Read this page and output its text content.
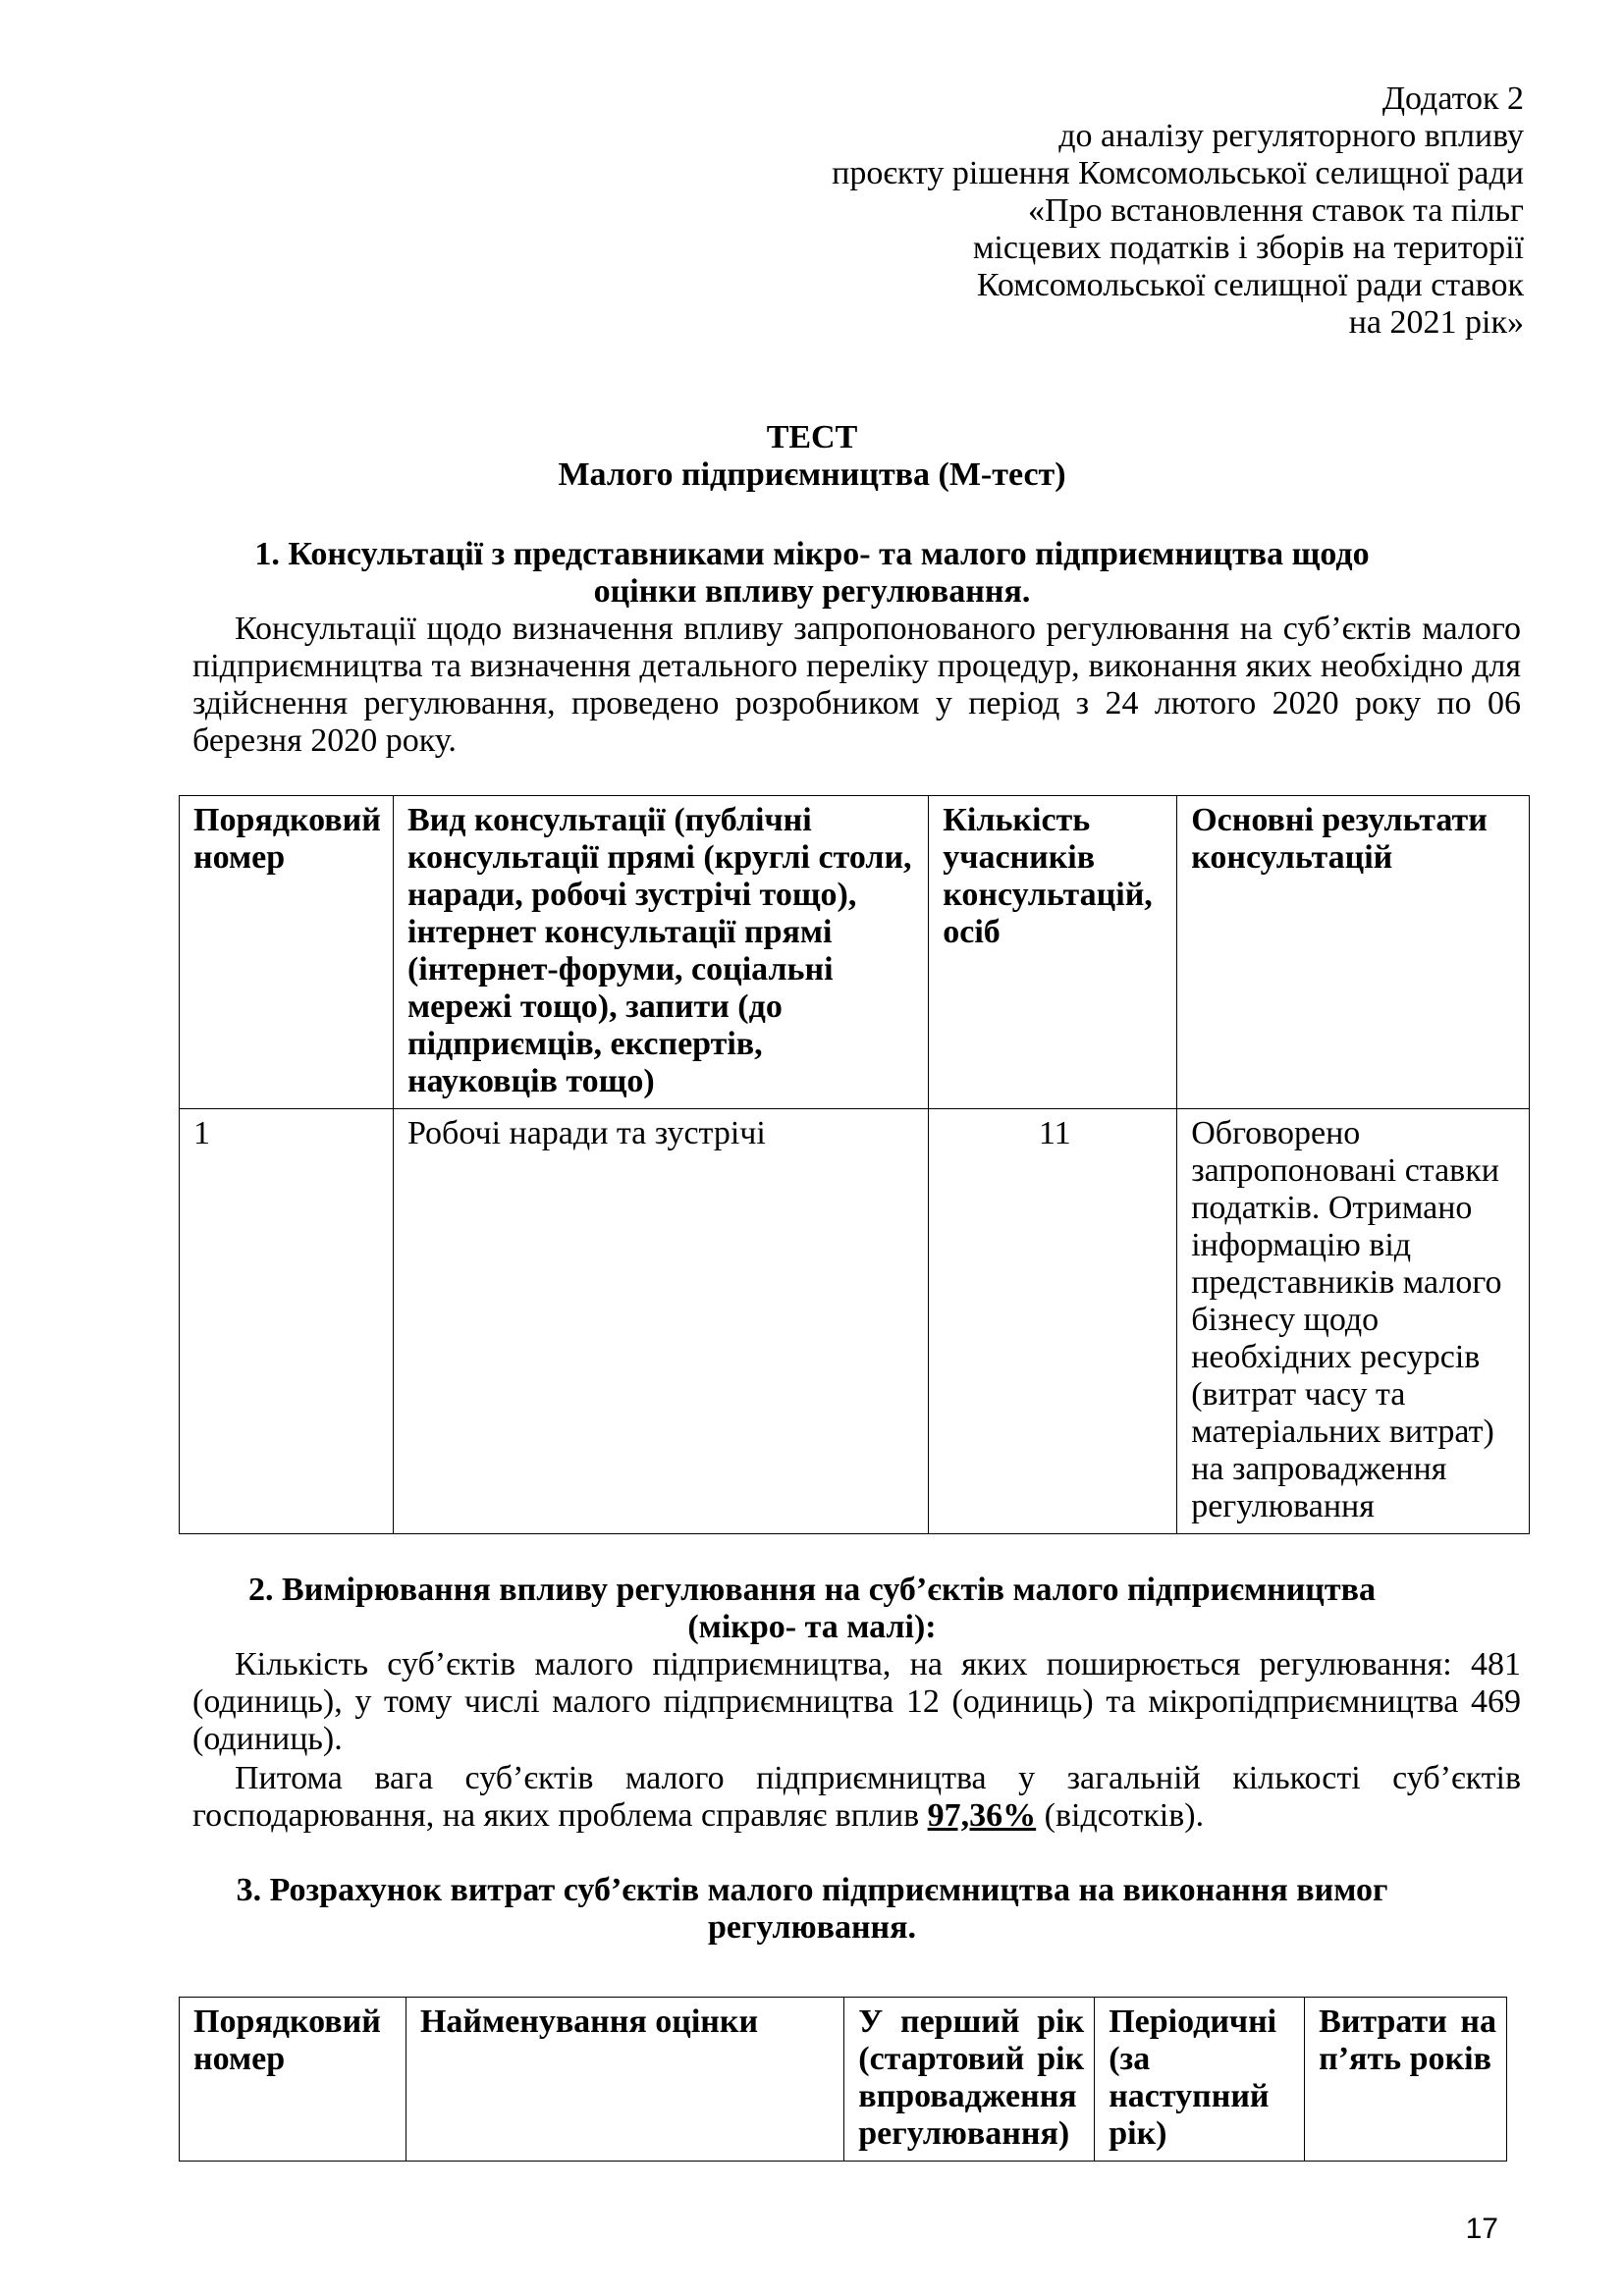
Додаток 2
до аналізу регуляторного впливу
проєкту рішення Комсомольської селищної ради
«Про встановлення ставок та пільг
місцевих податків і зборів на території
Комсомольської селищної ради ставок
на 2021 рік»
ТЕСТ
Малого підприємництва (М-тест)
1. Консультації з представниками мікро- та малого підприємництва щодо
оцінки впливу регулювання.
Консультації щодо визначення впливу запропонованого регулювання на суб’єктів малого підприємництва та визначення детального переліку процедур, виконання яких необхідно для здійснення регулювання, проведено розробником у період з 24 лютого 2020 року по 06 березня 2020 року.
Порядковий номер	Вид консультації (публічні консультації прямі (круглі столи, наради, робочі зустрічі тощо), інтернет консультації прямі (інтернет-форуми, соціальні мережі тощо), запити (до підприємців, експертів, науковців тощо)	Кількість учасників консультацій, осіб	Основні результати консультацій
1	Робочі наради та зустрічі	11	Обговорено запропоновані ставки податків. Отримано інформацію від представників малого бізнесу щодо необхідних ресурсів (витрат часу та матеріальних витрат) на запровадження регулювання
2. Вимірювання впливу регулювання на суб’єктів малого підприємництва
(мікро- та малі):
Кількість суб’єктів малого підприємництва, на яких поширюється регулювання: 481 (одиниць), у тому числі малого підприємництва 12 (одиниць) та мікропідприємництва 469 (одиниць).
Питома вага суб’єктів малого підприємництва у загальній кількості суб’єктів господарювання, на яких проблема справляє вплив 97,36% (відсотків).
3. Розрахунок витрат суб’єктів малого підприємництва на виконання вимог
регулювання.
Порядковий номер	Найменування оцінки	У перший рік (стартовий рік впровадження регулювання)	Періодичні (за наступний рік)	Витрати на п’ять років
17
